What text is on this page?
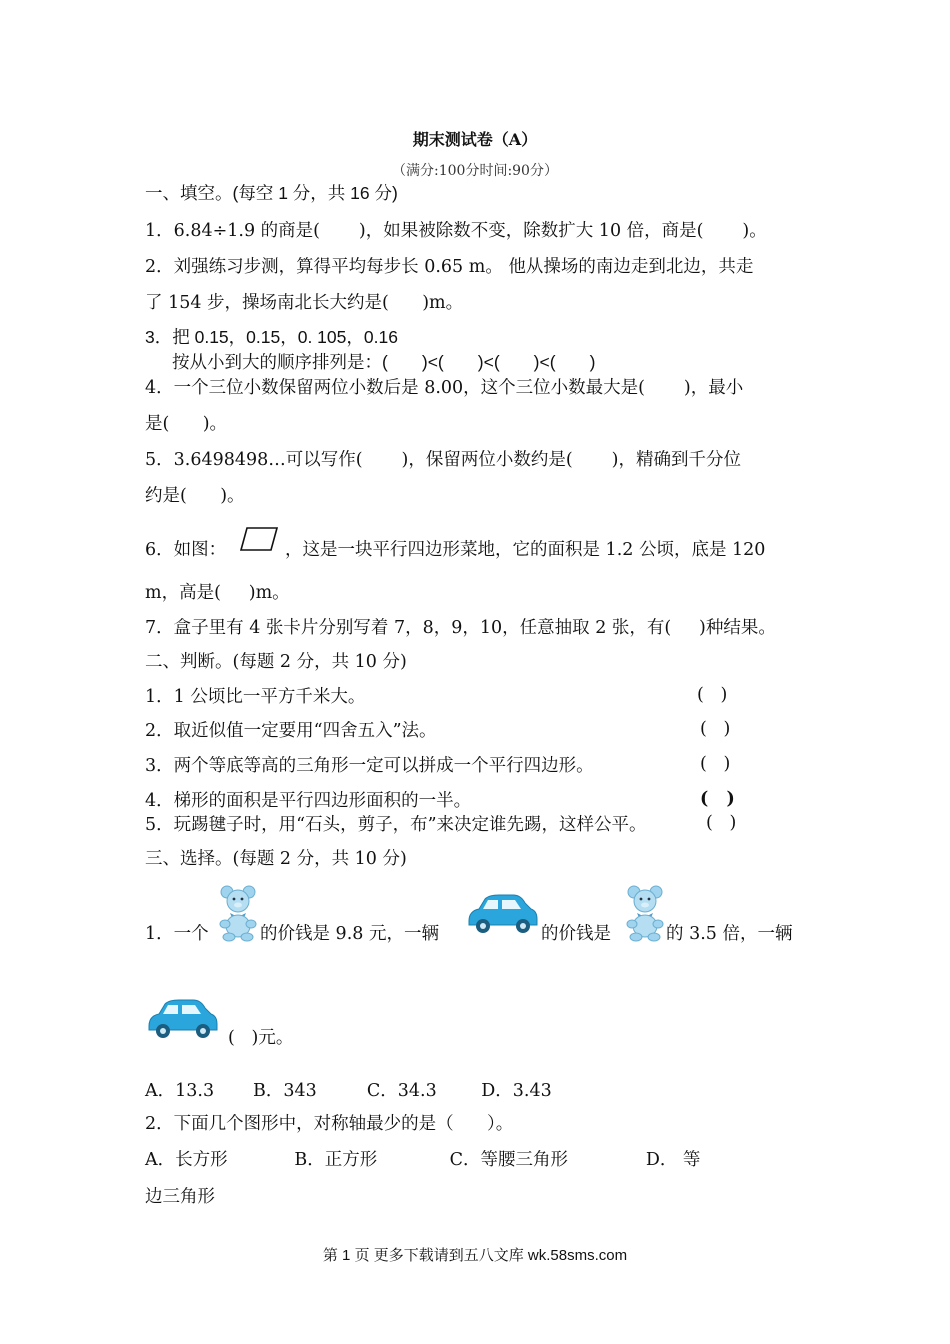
期末测试卷（A）
（满分:100分时间:90分）
一、填空。(每空 1 分，共 16 分)
1．6.84÷1.9 的商是(       )，如果被除数不变，除数扩大 10 倍，商是(       )。
2．刘强练习步测，算得平均每步长 0.65 m。 他从操场的南边走到北边，共走
了 154 步，操场南北长大约是(      )m。
3．把 0.15，0.15，0. 105，0.16
按从小到大的顺序排列是：(       )<(       )<(       )<(       )
4．一个三位小数保留两位小数后是 8.00，这个三位小数最大是(       )，最小
是(      )。
5．3.6498498…可以写作(       )，保留两位小数约是(       )，精确到千分位
约是(      )。
6．如图：	，这是一块平行四边形菜地，它的面积是 1.2 公顷，底是 120
m，高是(     )m。
7．盒子里有 4 张卡片分别写着 7，8，9，10，任意抽取 2 张，有(     )种结果。
二、判断。(每题 2 分，共 10 分)
1．1 公顷比一平方千米大。	(   )
2．取近似值一定要用“四舍五入”法。	(   )
3．两个等底等高的三角形一定可以拼成一个平行四边形。	(   )
4．梯形的面积是平行四边形面积的一半。	(   )
5．玩踢毽子时，用“石头，剪子，布”来决定谁先踢，这样公平。	(   )
三、选择。(每题 2 分，共 10 分)
1．一个	的价钱是 9.8 元，一辆	的价钱是	的 3.5 倍，一辆
(   )元。
A．13.3       B．343         C．34.3        D．3.43
2．下面几个图形中，对称轴最少的是（      ）。
A．长方形            B．正方形             C．等腰三角形              D． 等
边三角形
第 1 页 更多下载请到五八文库 wk.58sms.com
